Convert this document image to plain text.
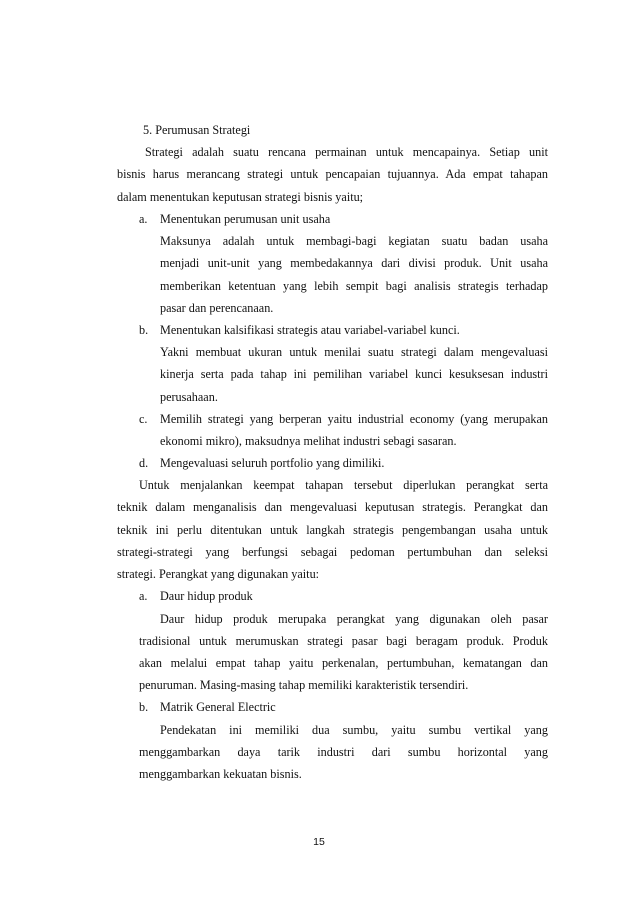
5. Perumusan Strategi
Strategi adalah suatu rencana permainan untuk mencapainya. Setiap unit
bisnis harus merancang strategi untuk pencapaian tujuannya. Ada empat tahapan
dalam menentukan keputusan strategi bisnis yaitu;
a. Menentukan perumusan unit usaha
Maksunya adalah untuk membagi-bagi kegiatan suatu badan usaha
menjadi unit-unit yang membedakannya dari divisi produk. Unit usaha
memberikan ketentuan yang lebih sempit bagi analisis strategis terhadap
pasar dan perencanaan.
b. Menentukan kalsifikasi strategis atau variabel-variabel kunci.
Yakni membuat ukuran untuk menilai suatu strategi dalam mengevaluasi
kinerja serta pada tahap ini pemilihan variabel kunci kesuksesan industri
perusahaan.
c. Memilih strategi yang berperan yaitu industrial economy (yang merupakan
ekonomi mikro), maksudnya melihat industri sebagi sasaran.
d. Mengevaluasi seluruh portfolio yang dimiliki.
Untuk menjalankan keempat tahapan tersebut diperlukan perangkat serta
teknik dalam menganalisis dan mengevaluasi keputusan strategis. Perangkat dan
teknik ini perlu ditentukan untuk langkah strategis pengembangan usaha untuk
strategi-strategi yang berfungsi sebagai pedoman pertumbuhan dan seleksi
strategi. Perangkat yang digunakan yaitu:
a. Daur hidup produk
Daur hidup produk merupaka perangkat yang digunakan oleh pasar
tradisional untuk merumuskan strategi pasar bagi beragam produk. Produk
akan melalui empat tahap yaitu perkenalan, pertumbuhan, kematangan dan
penuruman. Masing-masing tahap memiliki karakteristik tersendiri.
b. Matrik General Electric
Pendekatan ini memiliki dua sumbu, yaitu sumbu vertikal yang
menggambarkan daya tarik industri dari sumbu horizontal yang
menggambarkan kekuatan bisnis.
15
